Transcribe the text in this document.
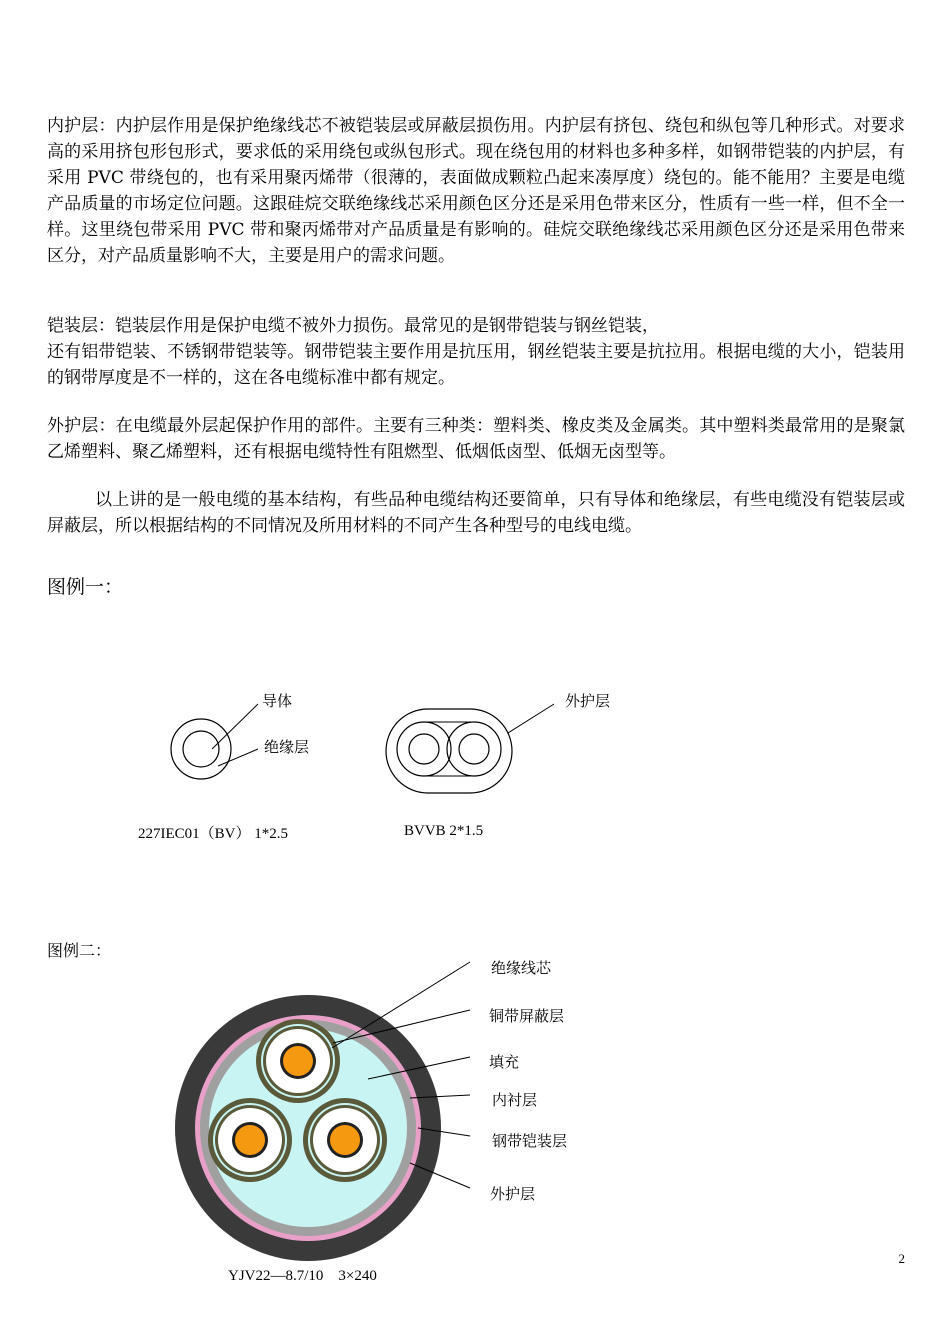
内护层：内护层作用是保护绝缘线芯不被铠装层或屏蔽层损伤用。内护层有挤包、绕包和纵包等几种形式。对要求高的采用挤包形包形式，要求低的采用绕包或纵包形式。现在绕包用的材料也多种多样，如钢带铠装的内护层，有采用 PVC 带绕包的，也有采用聚丙烯带（很薄的，表面做成颗粒凸起来凑厚度）绕包的。能不能用？主要是电缆产品质量的市场定位问题。这跟硅烷交联绝缘线芯采用颜色区分还是采用色带来区分，性质有一些一样，但不全一样。这里绕包带采用 PVC 带和聚丙烯带对产品质量是有影响的。硅烷交联绝缘线芯采用颜色区分还是采用色带来区分，对产品质量影响不大，主要是用户的需求问题。

铠装层：铠装层作用是保护电缆不被外力损伤。最常见的是钢带铠装与钢丝铠装，

还有铝带铠装、不锈钢带铠装等。钢带铠装主要作用是抗压用，钢丝铠装主要是抗拉用。根据电缆的大小，铠装用的钢带厚度是不一样的，这在各电缆标准中都有规定。

外护层：在电缆最外层起保护作用的部件。主要有三种类：塑料类、橡皮类及金属类。其中塑料类最常用的是聚氯乙烯塑料、聚乙烯塑料，还有根据电缆特性有阻燃型、低烟低卤型、低烟无卤型等。

以上讲的是一般电缆的基本结构，有些品种电缆结构还要简单，只有导体和绝缘层，有些电缆没有铠装层或屏蔽层，所以根据结构的不同情况及所用材料的不同产生各种型号的电线电缆。

图例一：
导体
绝缘层
外护层
227IEC01（BV） 1*2.5	BVVB 2*1.5
图例二：
绝缘线芯
铜带屏蔽层
填充
内衬层
钢带铠装层
外护层
2
YJV22—8.7/10    3×240
